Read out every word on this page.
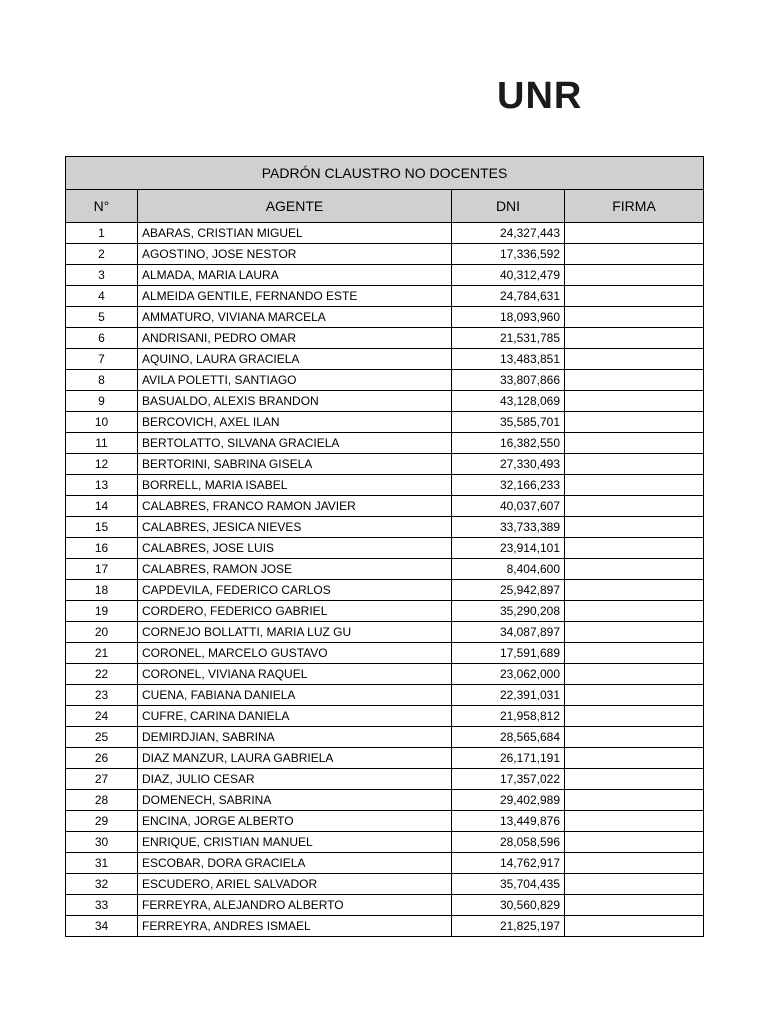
UNR
PADRÓN CLAUSTRO NO DOCENTES			
N°	AGENTE	DNI	FIRMA
1	ABARAS, CRISTIAN MIGUEL	24,327,443	
2	AGOSTINO, JOSE NESTOR	17,336,592	
3	ALMADA, MARIA LAURA	40,312,479	
4	ALMEIDA GENTILE, FERNANDO ESTE	24,784,631	
5	AMMATURO, VIVIANA MARCELA	18,093,960	
6	ANDRISANI, PEDRO OMAR	21,531,785	
7	AQUINO, LAURA GRACIELA	13,483,851	
8	AVILA POLETTI, SANTIAGO	33,807,866	
9	BASUALDO, ALEXIS BRANDON	43,128,069	
10	BERCOVICH, AXEL ILAN	35,585,701	
11	BERTOLATTO, SILVANA GRACIELA	16,382,550	
12	BERTORINI, SABRINA GISELA	27,330,493	
13	BORRELL, MARIA ISABEL	32,166,233	
14	CALABRES, FRANCO RAMON JAVIER	40,037,607	
15	CALABRES, JESICA NIEVES	33,733,389	
16	CALABRES, JOSE LUIS	23,914,101	
17	CALABRES, RAMON JOSE	8,404,600	
18	CAPDEVILA, FEDERICO CARLOS	25,942,897	
19	CORDERO, FEDERICO GABRIEL	35,290,208	
20	CORNEJO BOLLATTI, MARIA LUZ GU	34,087,897	
21	CORONEL, MARCELO GUSTAVO	17,591,689	
22	CORONEL, VIVIANA RAQUEL	23,062,000	
23	CUENA, FABIANA DANIELA	22,391,031	
24	CUFRE, CARINA DANIELA	21,958,812	
25	DEMIRDJIAN, SABRINA	28,565,684	
26	DIAZ MANZUR, LAURA GABRIELA	26,171,191	
27	DIAZ, JULIO CESAR	17,357,022	
28	DOMENECH, SABRINA	29,402,989	
29	ENCINA, JORGE ALBERTO	13,449,876	
30	ENRIQUE, CRISTIAN MANUEL	28,058,596	
31	ESCOBAR, DORA GRACIELA	14,762,917	
32	ESCUDERO, ARIEL SALVADOR	35,704,435	
33	FERREYRA, ALEJANDRO ALBERTO	30,560,829	
34	FERREYRA, ANDRES ISMAEL	21,825,197	
